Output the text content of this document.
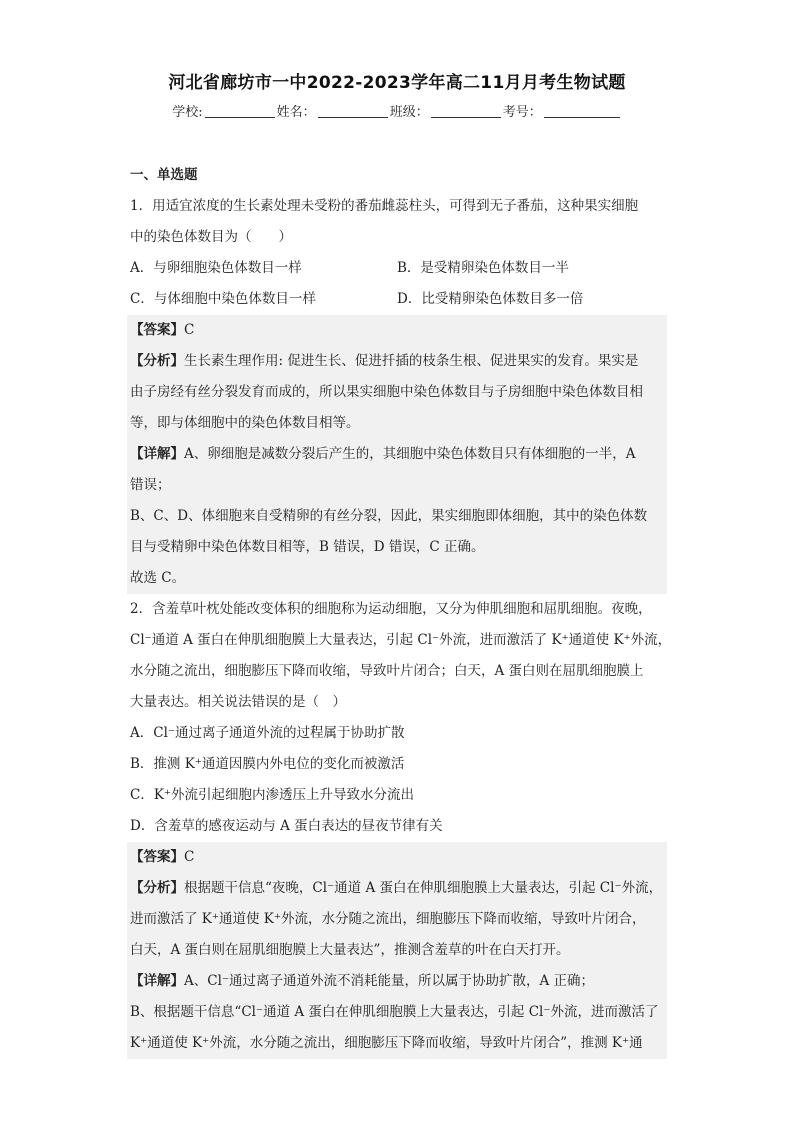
河北省廊坊市一中2022-2023学年高二11月月考生物试题
学校:	姓名：	班级：	考号：
一、单选题
1．用适宜浓度的生长素处理未受粉的番茄雌蕊柱头，可得到无子番茄，这种果实细胞
中的染色体数目为（　　）
A．与卵细胞染色体数目一样	B．是受精卵染色体数目一半
C．与体细胞中染色体数目一样	D．比受精卵染色体数目多一倍
【答案】C
【分析】生长素生理作用: 促进生长、促进扦插的枝条生根、促进果实的发育。果实是
由子房经有丝分裂发育而成的，所以果实细胞中染色体数目与子房细胞中染色体数目相
等，即与体细胞中的染色体数目相等。
【详解】A、卵细胞是减数分裂后产生的，其细胞中染色体数目只有体细胞的一半，A
错误；
B、C、D、体细胞来自受精卵的有丝分裂，因此，果实细胞即体细胞，其中的染色体数
目与受精卵中染色体数目相等，B 错误，D 错误，C 正确。
故选 C。
2．含羞草叶枕处能改变体积的细胞称为运动细胞，又分为伸肌细胞和屈肌细胞。夜晚，
Cl⁻通道 A 蛋白在伸肌细胞膜上大量表达，引起 Cl⁻外流，进而激活了 K⁺通道使 K⁺外流，
水分随之流出，细胞膨压下降而收缩，导致叶片闭合；白天，A 蛋白则在屈肌细胞膜上
大量表达。相关说法错误的是（　）
A．Cl⁻通过离子通道外流的过程属于协助扩散
B．推测 K⁺通道因膜内外电位的变化而被激活
C．K⁺外流引起细胞内渗透压上升导致水分流出
D．含羞草的感夜运动与 A 蛋白表达的昼夜节律有关
【答案】C
【分析】根据题干信息“夜晚，Cl⁻通道 A 蛋白在伸肌细胞膜上大量表达，引起 Cl⁻外流，
进而激活了 K⁺通道使 K⁺外流，水分随之流出，细胞膨压下降而收缩，导致叶片闭合，
白天，A 蛋白则在屈肌细胞膜上大量表达”，推测含羞草的叶在白天打开。
【详解】A、Cl⁻通过离子通道外流不消耗能量，所以属于协助扩散，A 正确；
B、根据题干信息“Cl⁻通道 A 蛋白在伸肌细胞膜上大量表达，引起 Cl⁻外流，进而激活了
K⁺通道使 K⁺外流，水分随之流出，细胞膨压下降而收缩，导致叶片闭合”，推测 K⁺通
